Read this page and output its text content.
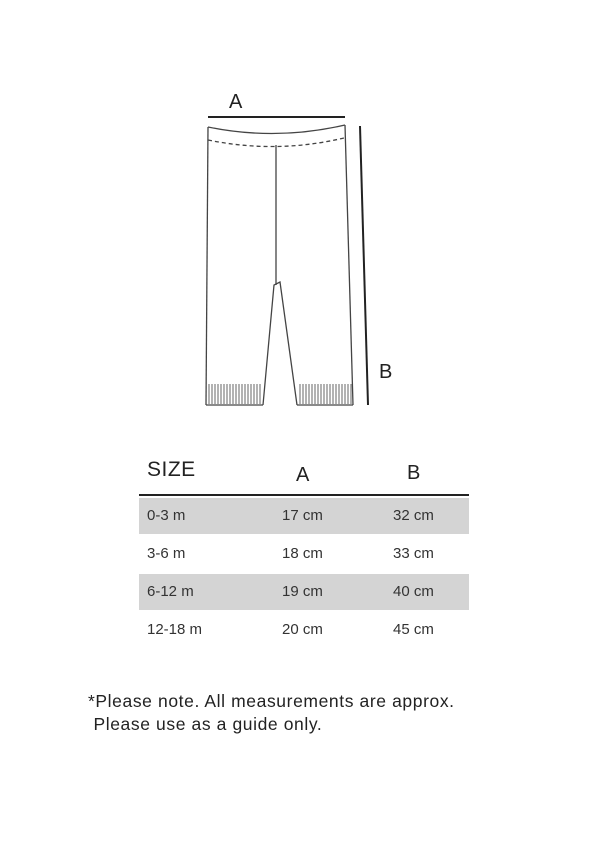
A
B
SIZE	A	B
0-3 m	17 cm	32 cm
3-6 m	18 cm	33 cm
6-12 m	19 cm	40 cm
12-18 m	20 cm	45 cm
*Please note. All measurements are approx.
Please use as a guide only.
